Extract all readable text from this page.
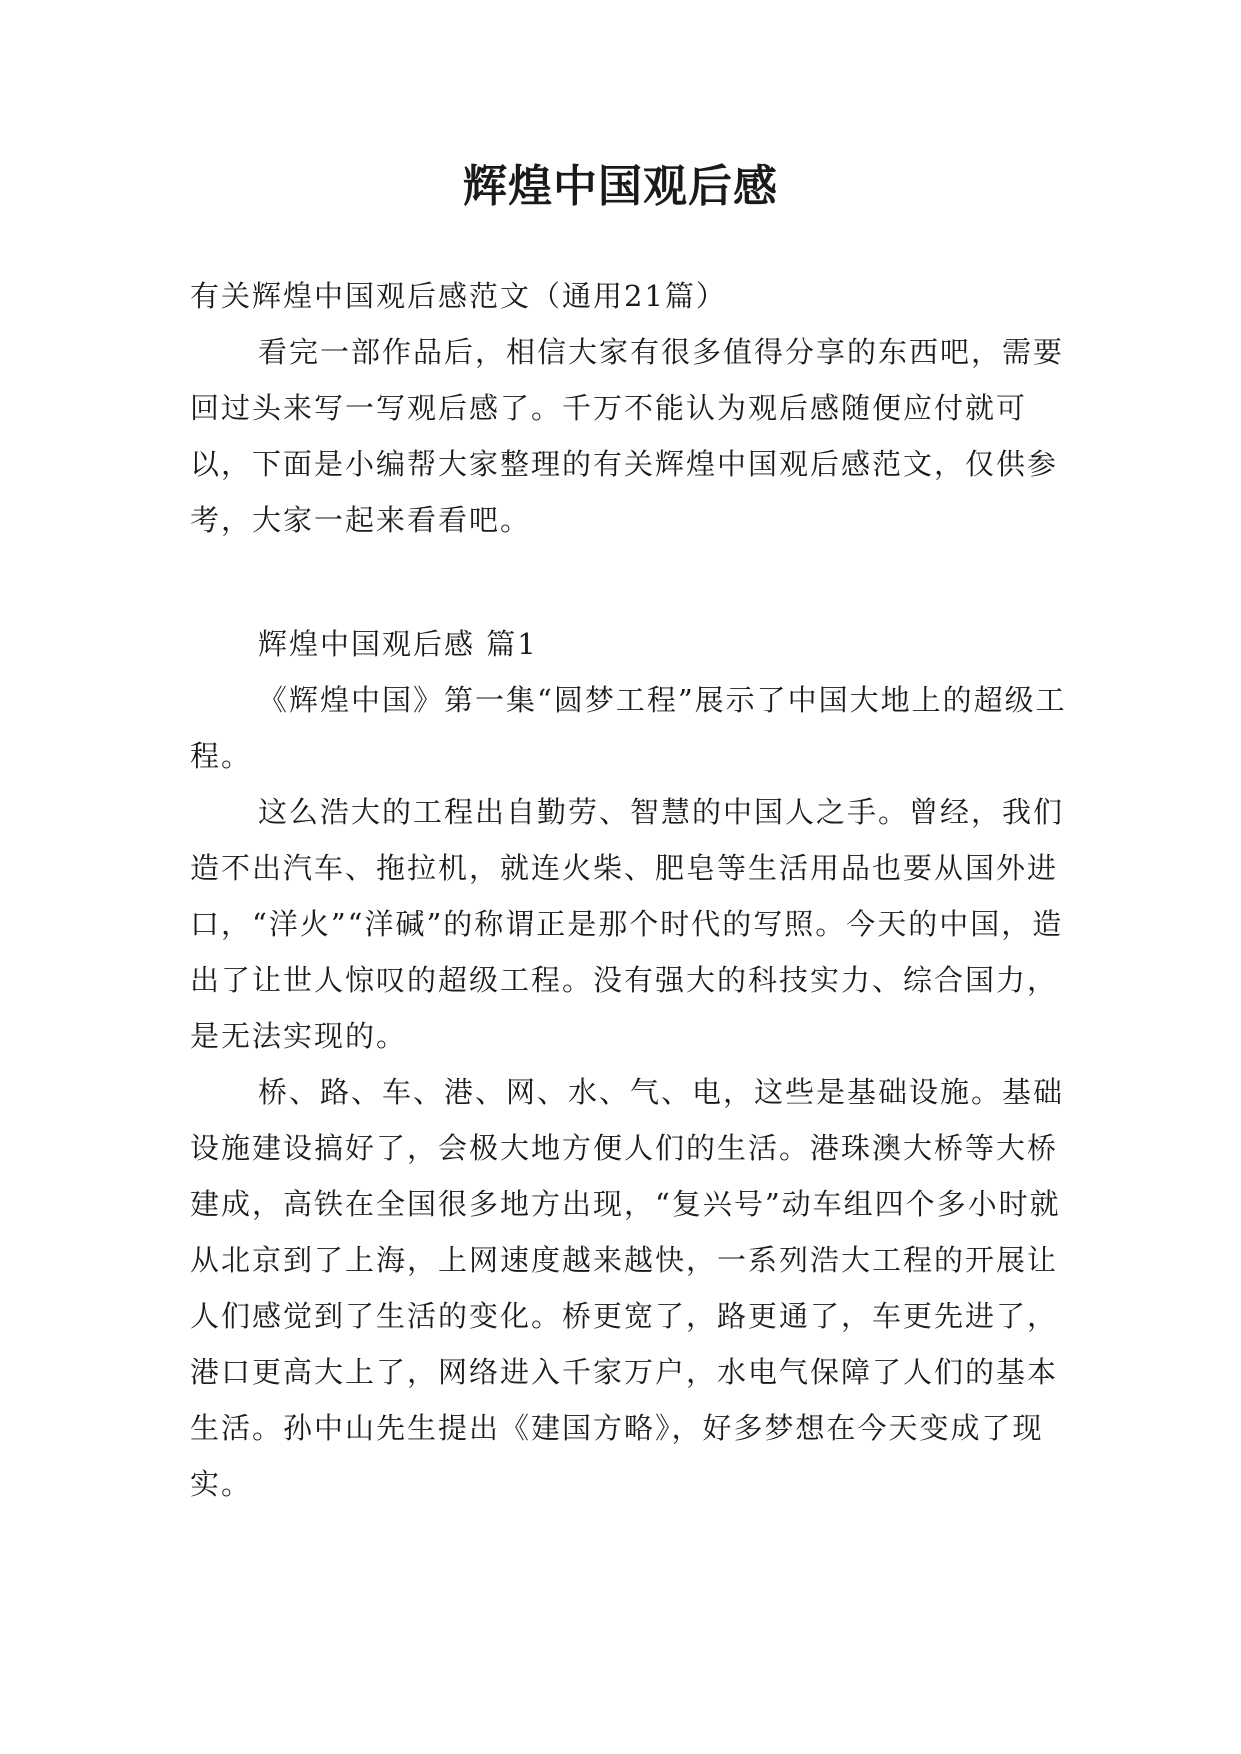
辉煌中国观后感

有关辉煌中国观后感范文（通用21篇）

看完一部作品后，相信大家有很多值得分享的东西吧，需要回过头来写一写观后感了。千万不能认为观后感随便应付就可以，下面是小编帮大家整理的有关辉煌中国观后感范文，仅供参考，大家一起来看看吧。

辉煌中国观后感 篇1

《辉煌中国》第一集“圆梦工程”展示了中国大地上的超级工程。

这么浩大的工程出自勤劳、智慧的中国人之手。曾经，我们造不出汽车、拖拉机，就连火柴、肥皂等生活用品也要从国外进口，“洋火”“洋碱”的称谓正是那个时代的写照。今天的中国，造出了让世人惊叹的超级工程。没有强大的科技实力、综合国力，是无法实现的。

桥、路、车、港、网、水、气、电，这些是基础设施。基础设施建设搞好了，会极大地方便人们的生活。港珠澳大桥等大桥建成，高铁在全国很多地方出现，“复兴号”动车组四个多小时就从北京到了上海，上网速度越来越快，一系列浩大工程的开展让人们感觉到了生活的变化。桥更宽了，路更通了，车更先进了，港口更高大上了，网络进入千家万户，水电气保障了人们的基本生活。孙中山先生提出《建国方略》，好多梦想在今天变成了现实。
